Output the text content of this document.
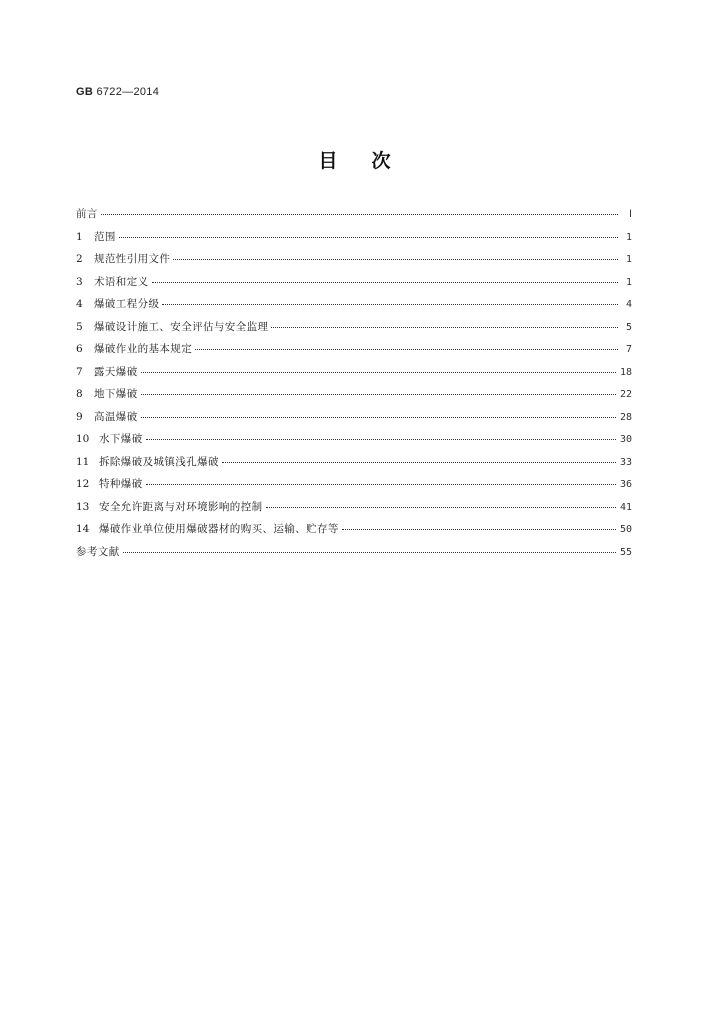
GB 6722—2014
目次
前言	Ⅰ
1	范围	1
2	规范性引用文件	1
3	术语和定义	1
4	爆破工程分级	4
5	爆破设计施工、安全评估与安全监理	5
6	爆破作业的基本规定	7
7	露天爆破	18
8	地下爆破	22
9	高温爆破	28
10 水下爆破	30
11 拆除爆破及城镇浅孔爆破	33
12 特种爆破	36
13 安全允许距离与对环境影响的控制	41
14 爆破作业单位使用爆破器材的购买、运输、贮存等	50
参考文献	55
